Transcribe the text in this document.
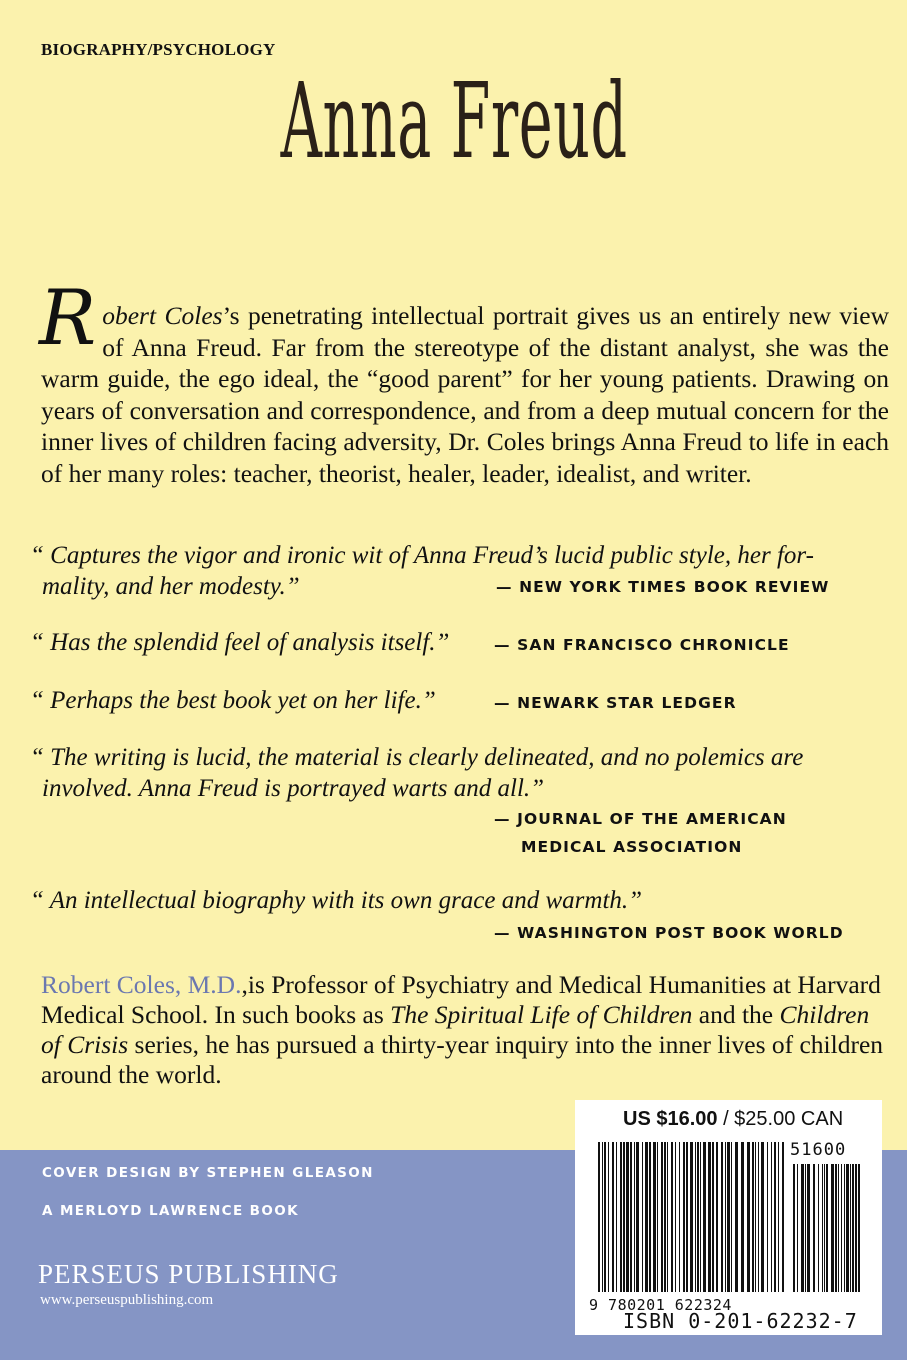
BIOGRAPHY/PSYCHOLOGY
Anna Freud
Robert Coles’s penetrating intellectual portrait gives us an entirely new view of Anna Freud. Far from the stereotype of the distant analyst, she was the warm guide, the ego ideal, the “good parent” for her young patients. Drawing on years of conversation and correspondence, and from a deep mutual concern for the inner lives of children facing adversity, Dr. Coles brings Anna Freud to life in each of her many roles: teacher, theorist, healer, leader, idealist, and writer.
“ Captures the vigor and ironic wit of Anna Freud’s lucid public style, her for-
mality, and her modesty.”	— NEW YORK TIMES BOOK REVIEW
“ Has the splendid feel of analysis itself.”	— SAN FRANCISCO CHRONICLE
“ Perhaps the best book yet on her life.”	— NEWARK STAR LEDGER
“ The writing is lucid, the material is clearly delineated, and no polemics are
involved. Anna Freud is portrayed warts and all.”
— JOURNAL OF THE AMERICAN
MEDICAL ASSOCIATION
“ An intellectual biography with its own grace and warmth.”
— WASHINGTON POST BOOK WORLD
Robert Coles, M.D.,is Professor of Psychiatry and Medical Humanities at Harvard Medical School. In such books as The Spiritual Life of Children and the Children of Crisis series, he has pursued a thirty-year inquiry into the inner lives of children around the world.
COVER DESIGN BY STEPHEN GLEASON
A MERLOYD LAWRENCE BOOK
PERSEUS PUBLISHING
www.perseuspublishing.com
US $16.00 / $25.00 CAN
51600
9 780201 622324
ISBN 0-201-62232-7
